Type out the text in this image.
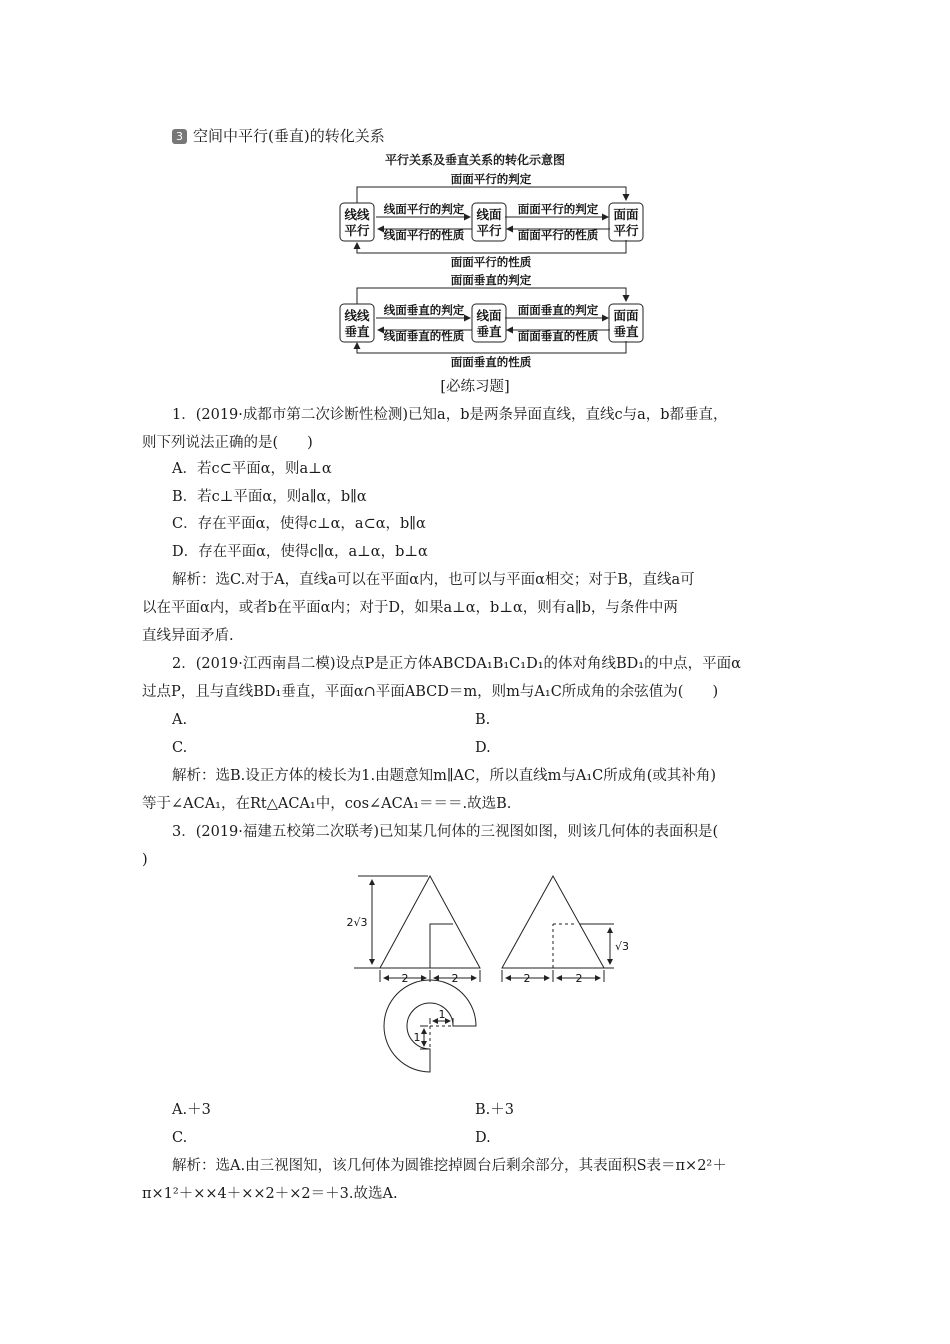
3 空间中平行(垂直)的转化关系
平行关系及垂直关系的转化示意图
面面平行的判定
面面平行的性质
线面平行的判定
线面平行的性质
面面平行的判定
面面平行的性质
线线
平行
线面
平行
面面
平行
面面垂直的判定
面面垂直的性质
线面垂直的判定
线面垂直的性质
面面垂直的判定
面面垂直的性质
线线
垂直
线面
垂直
面面
垂直
[必练习题]
1．(2019·成都市第二次诊断性检测)已知a，b是两条异面直线，直线c与a，b都垂直，
则下列说法正确的是(　　)
A．若c⊂平面α，则a⊥α
B．若c⊥平面α，则a∥α，b∥α
C．存在平面α，使得c⊥α，a⊂α，b∥α
D．存在平面α，使得c∥α，a⊥α，b⊥α
解析：选C.对于A，直线a可以在平面α内，也可以与平面α相交；对于B，直线a可
以在平面α内，或者b在平面α内；对于D，如果a⊥α，b⊥α，则有a∥b，与条件中两
直线异面矛盾.
2．(2019·江西南昌二模)设点P是正方体ABCDA₁B₁C₁D₁的体对角线BD₁的中点，平面α
过点P，且与直线BD₁垂直，平面α∩平面ABCD＝m，则m与A₁C所成角的余弦值为(　　)
A.	B.
C.	D.
解析：选B.设正方体的棱长为1.由题意知m∥AC，所以直线m与A₁C所成角(或其补角)
等于∠ACA₁，在Rt△ACA₁中，cos∠ACA₁＝＝＝.故选B.
3．(2019·福建五校第二次联考)已知某几何体的三视图如图，则该几何体的表面积是(
)
2√3
2	2
√3
2	2
1
1
A.＋3	B.＋3
C.	D.
解析：选A.由三视图知，该几何体为圆锥挖掉圆台后剩余部分，其表面积S表＝π×2²＋
π×1²＋××4＋××2＋×2＝＋3.故选A.
